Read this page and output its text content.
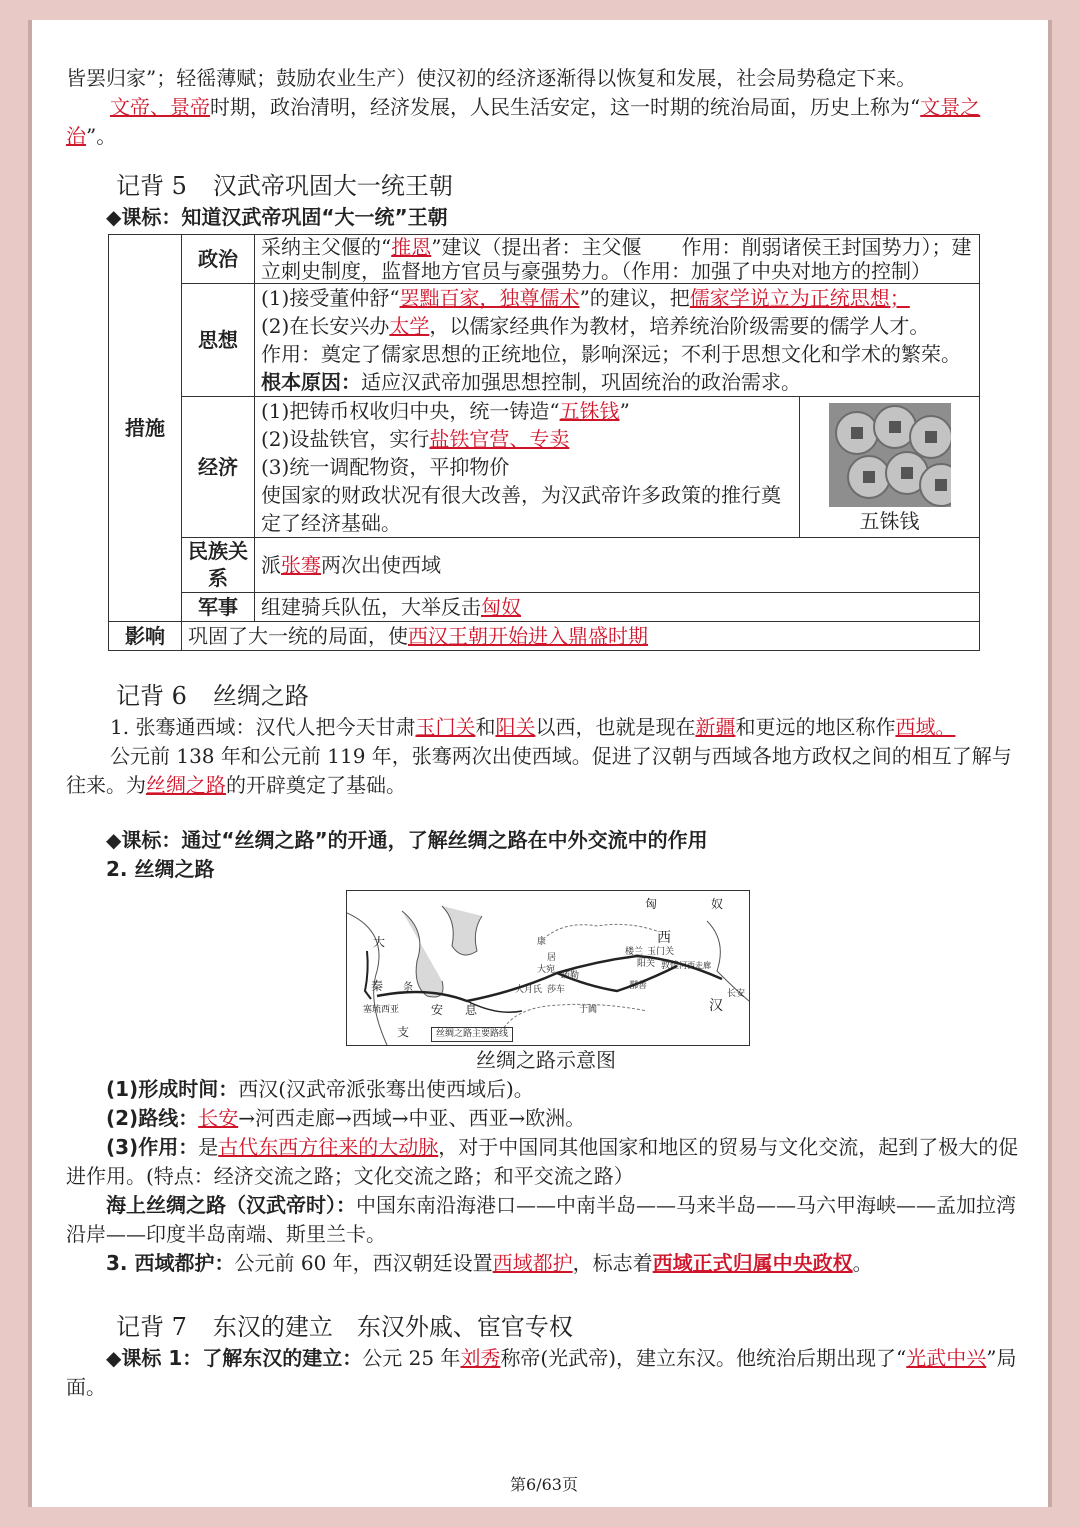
皆罢归家”；轻徭薄赋；鼓励农业生产）使汉初的经济逐渐得以恢复和发展，社会局势稳定下来。

文帝、景帝时期，政治清明，经济发展，人民生活安定，这一时期的统治局面，历史上称为“文景之治”。

记背 5 汉武帝巩固大一统王朝

◆课标：知道汉武帝巩固“大一统”王朝

措施	政治	采纳主父偃的“推恩”建议（提出者：主父偃　　作用：削弱诸侯王封国势力）；建立刺史制度，监督地方官员与豪强势力。（作用：加强了中央对地方的控制）	
	思想	(1)接受董仲舒“罢黜百家，独尊儒术”的建议，把儒家学说立为正统思想；
(2)在长安兴办太学，以儒家经典作为教材，培养统治阶级需要的儒学人才。
作用：奠定了儒家思想的正统地位，影响深远；不利于思想文化和学术的繁荣。
根本原因：适应汉武帝加强思想控制，巩固统治的政治需求。	

	经济	(1)把铸币权收归中央，统一铸造“五铢钱”
(2)设盐铁官，实行盐铁官营、专卖
(3)统一调配物资，平抑物价
使国家的财政状况有很大改善，为汉武帝许多政策的推行奠定了经济基础。	五铢钱

	民族关系	派张骞两次出使西域	
	军事	组建骑兵队伍，大举反击匈奴	
影响	巩固了大一统的局面，使西汉王朝开始进入鼎盛时期		

记背 6 丝绸之路

1. 张骞通西域：汉代人把今天甘肃玉门关和阳关以西，也就是现在新疆和更远的地区称作西域。

公元前 138 年和公元前 119 年，张骞两次出使西域。促进了汉朝与西域各地方政权之间的相互了解与往来。为丝绸之路的开辟奠定了基础。

◆课标：通过“丝绸之路”的开通，了解丝绸之路在中外交流中的作用

2. 丝绸之路

匈	奴
西
大
秦 条
安 息
支
康
居
大宛
疏勒
大月氏 莎车
于阗
楼兰 玉门关
阳关 敦煌
鄯善
汉
长安
河西走廊
塞琉西亚
丝绸之路主要路线

丝绸之路示意图

(1)形成时间：西汉(汉武帝派张骞出使西域后)。

(2)路线：长安→河西走廊→西域→中亚、西亚→欧洲。

(3)作用：是古代东西方往来的大动脉，对于中国同其他国家和地区的贸易与文化交流，起到了极大的促进作用。(特点：经济交流之路；文化交流之路；和平交流之路）

海上丝绸之路（汉武帝时）：中国东南沿海港口——中南半岛——马来半岛——马六甲海峡——孟加拉湾沿岸——印度半岛南端、斯里兰卡。

3. 西域都护：公元前 60 年，西汉朝廷设置西域都护，标志着西域正式归属中央政权。

记背 7 东汉的建立　东汉外戚、宦官专权

◆课标 1：了解东汉的建立：公元 25 年刘秀称帝(光武帝)，建立东汉。他统治后期出现了“光武中兴”局面。

第6/63页
